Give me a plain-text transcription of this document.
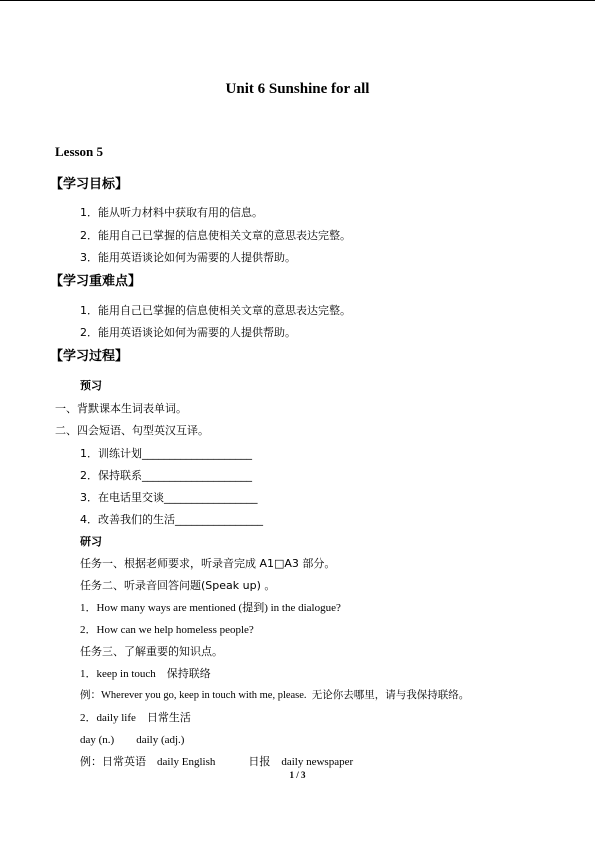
Unit 6 Sunshine for all
Lesson 5
【学习目标】
1．能从听力材料中获取有用的信息。
2．能用自己已掌握的信息使相关文章的意思表达完整。
3．能用英语谈论如何为需要的人提供帮助。
【学习重难点】
1．能用自己已掌握的信息使相关文章的意思表达完整。
2．能用英语谈论如何为需要的人提供帮助。
【学习过程】
预习
一、背默课本生词表单词。
二、四会短语、句型英汉互译。
1．训练计划____________________
2．保持联系____________________
3．在电话里交谈_________________
4．改善我们的生活________________
研习
任务一、根据老师要求，听录音完成 A1□A3 部分。
任务二、听录音回答问题(Speak up) 。
1．How many ways are mentioned (提到) in the dialogue?
2．How can we help homeless people?
任务三、了解重要的知识点。
1．keep in touch    保持联络
例：Wherever you go, keep in touch with me, please.  无论你去哪里，请与我保持联络。
2．daily life    日常生活
day (n.)        daily (adj.)
例：日常英语    daily English            日报    daily newspaper
1 / 3
